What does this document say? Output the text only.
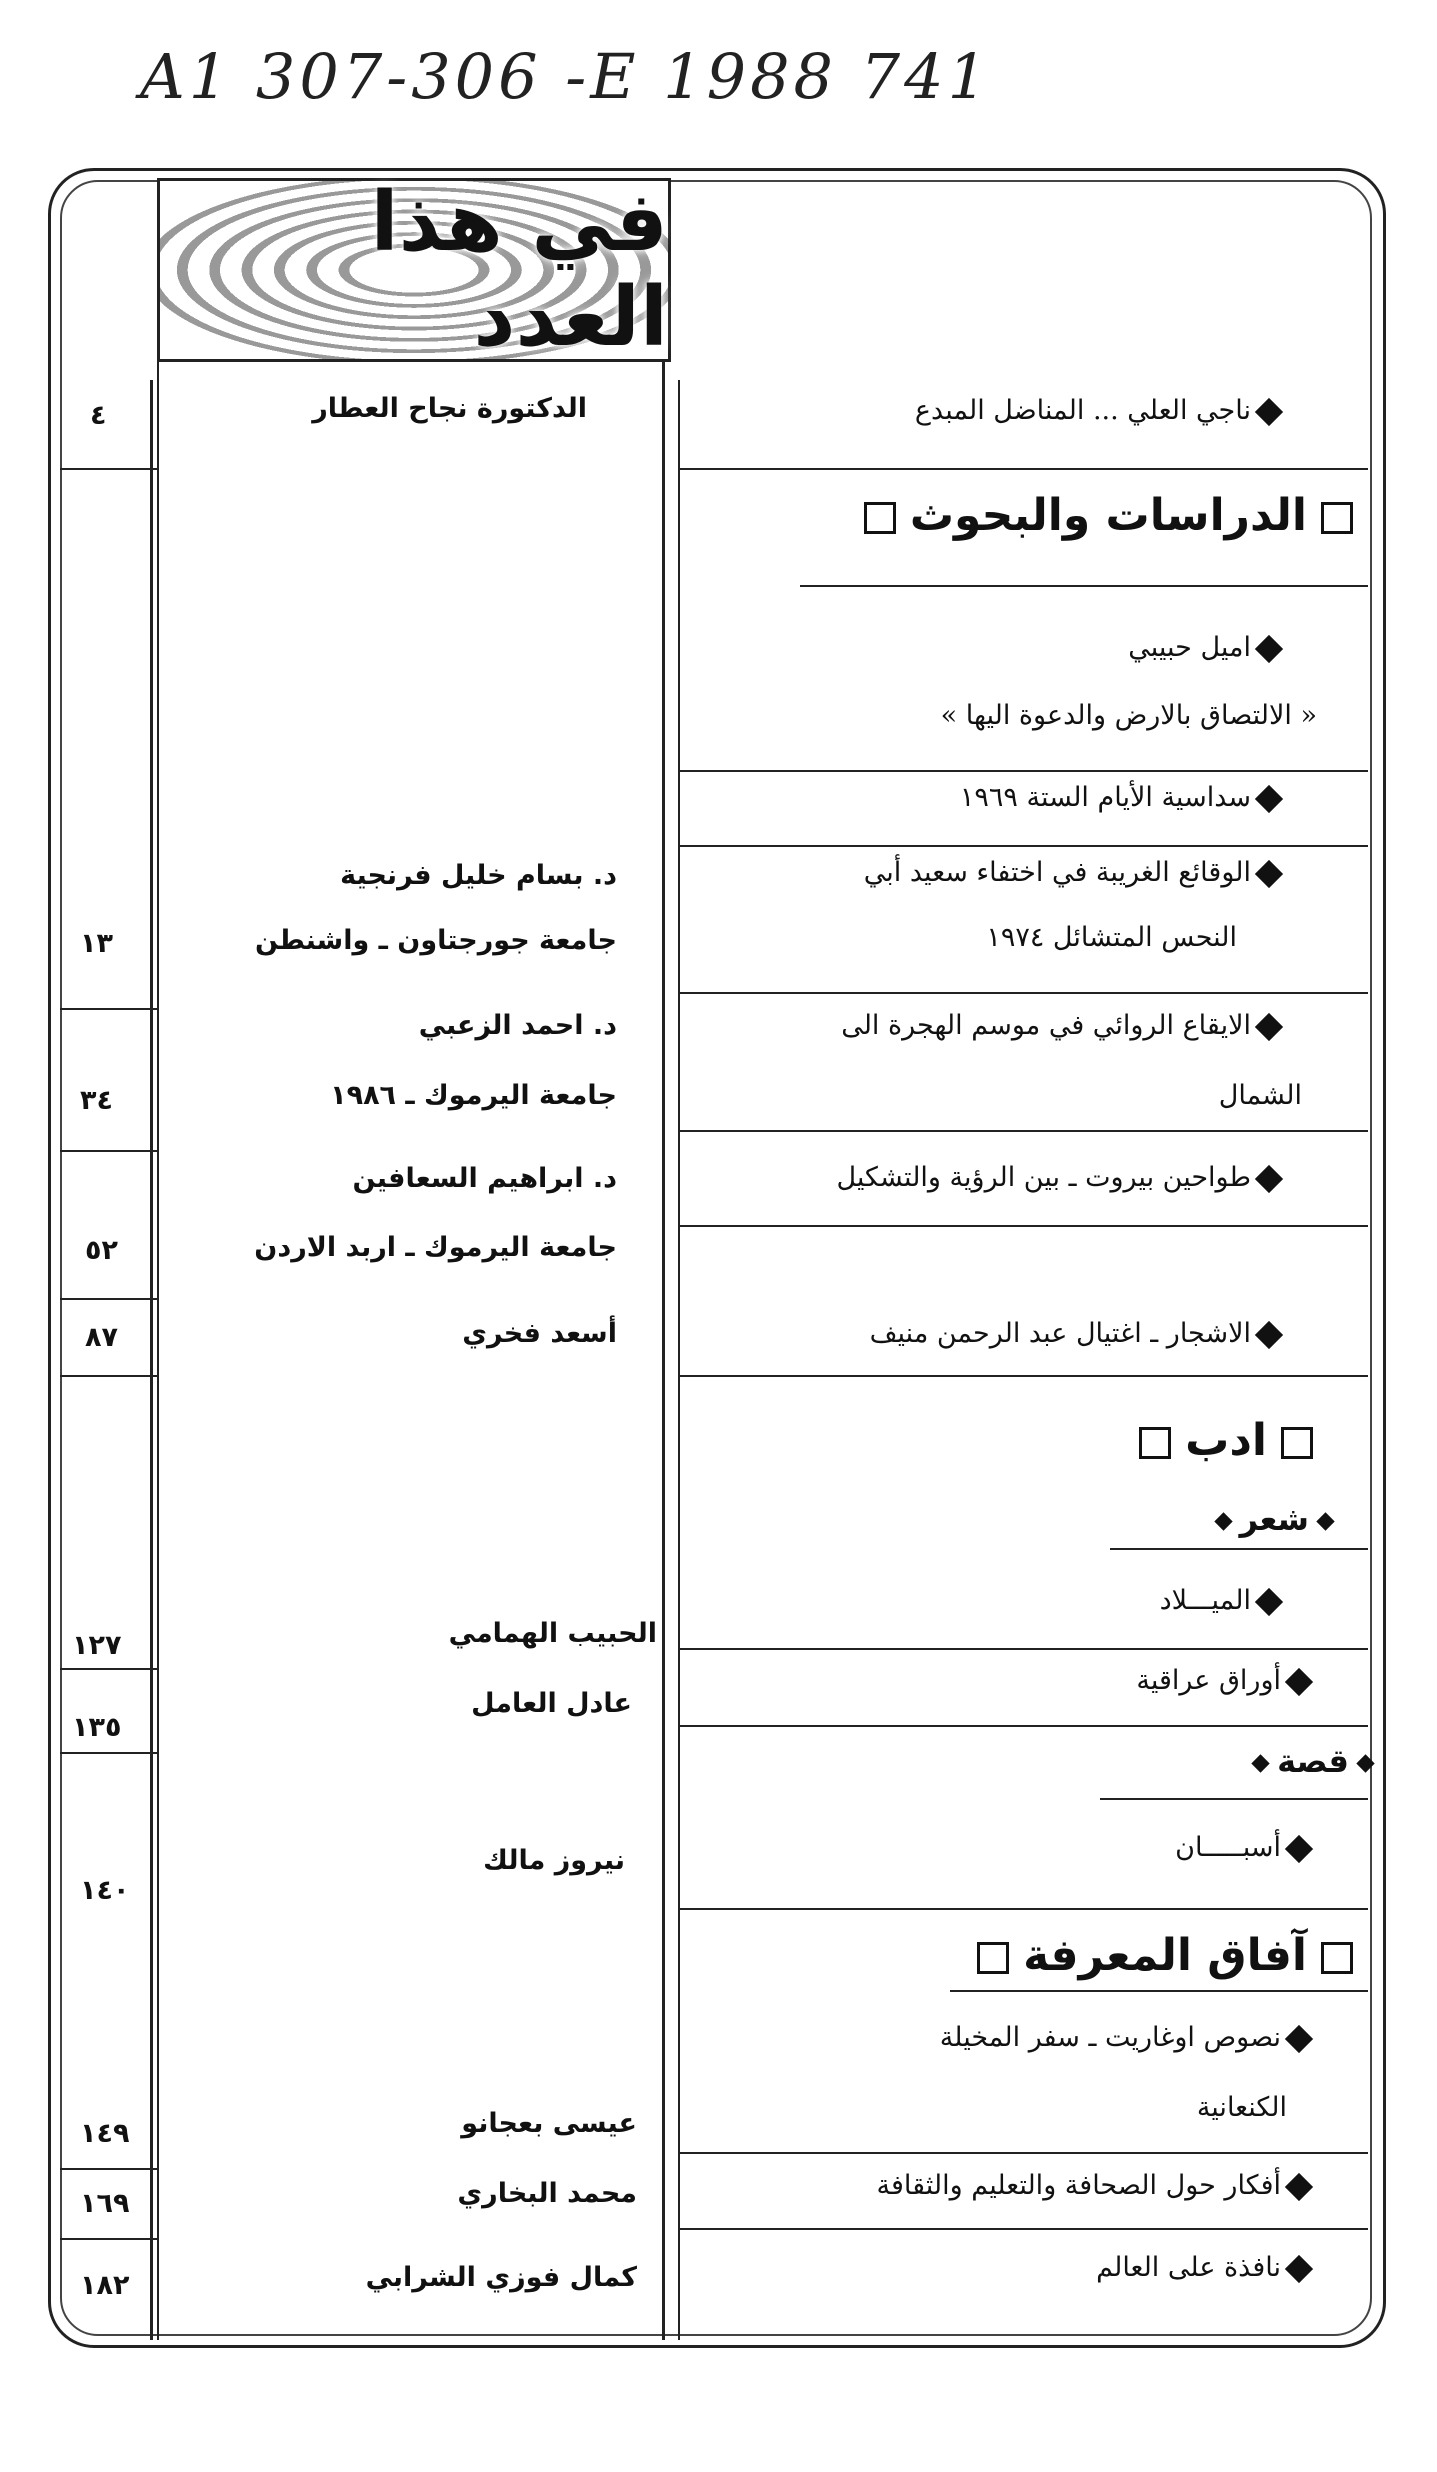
A1 307-306 -E 1988 741
في هذا العدد
ناجي العلي ... المناضل المبدع
الدكتورة نجاح العطار
٤
الدراسات والبحوث
اميل حبيبي
« الالتصاق بالارض والدعوة اليها »
سداسية الأيام الستة ١٩٦٩
الوقائع الغريبة في اختفاء سعيد أبي
النحس المتشائل ١٩٧٤
د. بسام خليل فرنجية
جامعة جورجتاون ـ واشنطن
١٣
الايقاع الروائي في موسم الهجرة الى
الشمال
د. احمد الزعبي
جامعة اليرموك ـ ١٩٨٦
٣٤
طواحين بيروت ـ بين الرؤية والتشكيل
د. ابراهيم السعافين
جامعة اليرموك ـ اربد الاردن
٥٢
الاشجار ـ اغتيال عبد الرحمن منيف
أسعد فخري
٨٧
ادب
شعر
الميـــلاد
الحبيب الهمامي
١٢٧
أوراق عراقية
عادل العامل
١٣٥
قصة
أسبـــــان
نيروز مالك
١٤٠
آفاق المعرفة
نصوص اوغاريت ـ سفر المخيلة
الكنعانية
عيسى بعجانو
١٤٩
أفكار حول الصحافة والتعليم والثقافة
محمد البخاري
١٦٩
نافذة على العالم
كمال فوزي الشرابي
١٨٢
